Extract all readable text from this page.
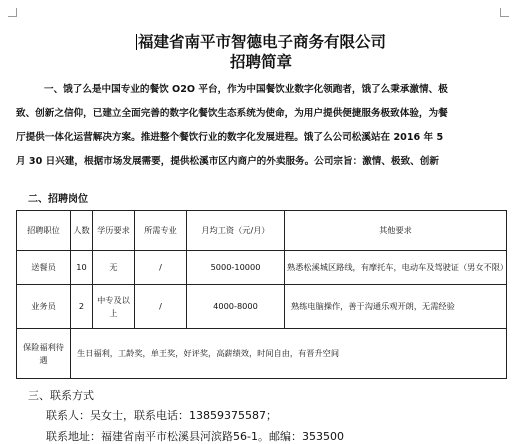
福建省南平市智德电子商务有限公司
招聘简章
一、饿了么是中国专业的餐饮 O2O 平台，作为中国餐饮业数字化领跑者，饿了么秉承激情、极
致、创新之信仰，已建立全面完善的数字化餐饮生态系统为使命，为用户提供便捷服务极致体验，为餐
厅提供一体化运营解决方案。推进整个餐饮行业的数字化发展进程。饿了么公司松溪站在 2016 年 5
月 30 日兴建，根据市场发展需要，提供松溪市区内商户的外卖服务。公司宗旨：激情、极致、创新
二、招聘岗位
招聘职位	人数	学历要求	所需专业	月均工资（元/月）	其他要求
送餐员	10	无	/	5000-10000	熟悉松溪城区路线，有摩托车，电动车及驾驶证（男女不限）
业务员	2	中专及以上	/	4000-8000	熟练电脑操作，善于沟通乐观开朗，无需经验
保险福利待遇	生日福利，工龄奖，单王奖，好评奖，高薪绩效，时间自由，有晋升空间				
三、联系方式
联系人：吴女士，联系电话：13859375587；
联系地址：福建省南平市松溪县河滨路56-1。邮编：353500
